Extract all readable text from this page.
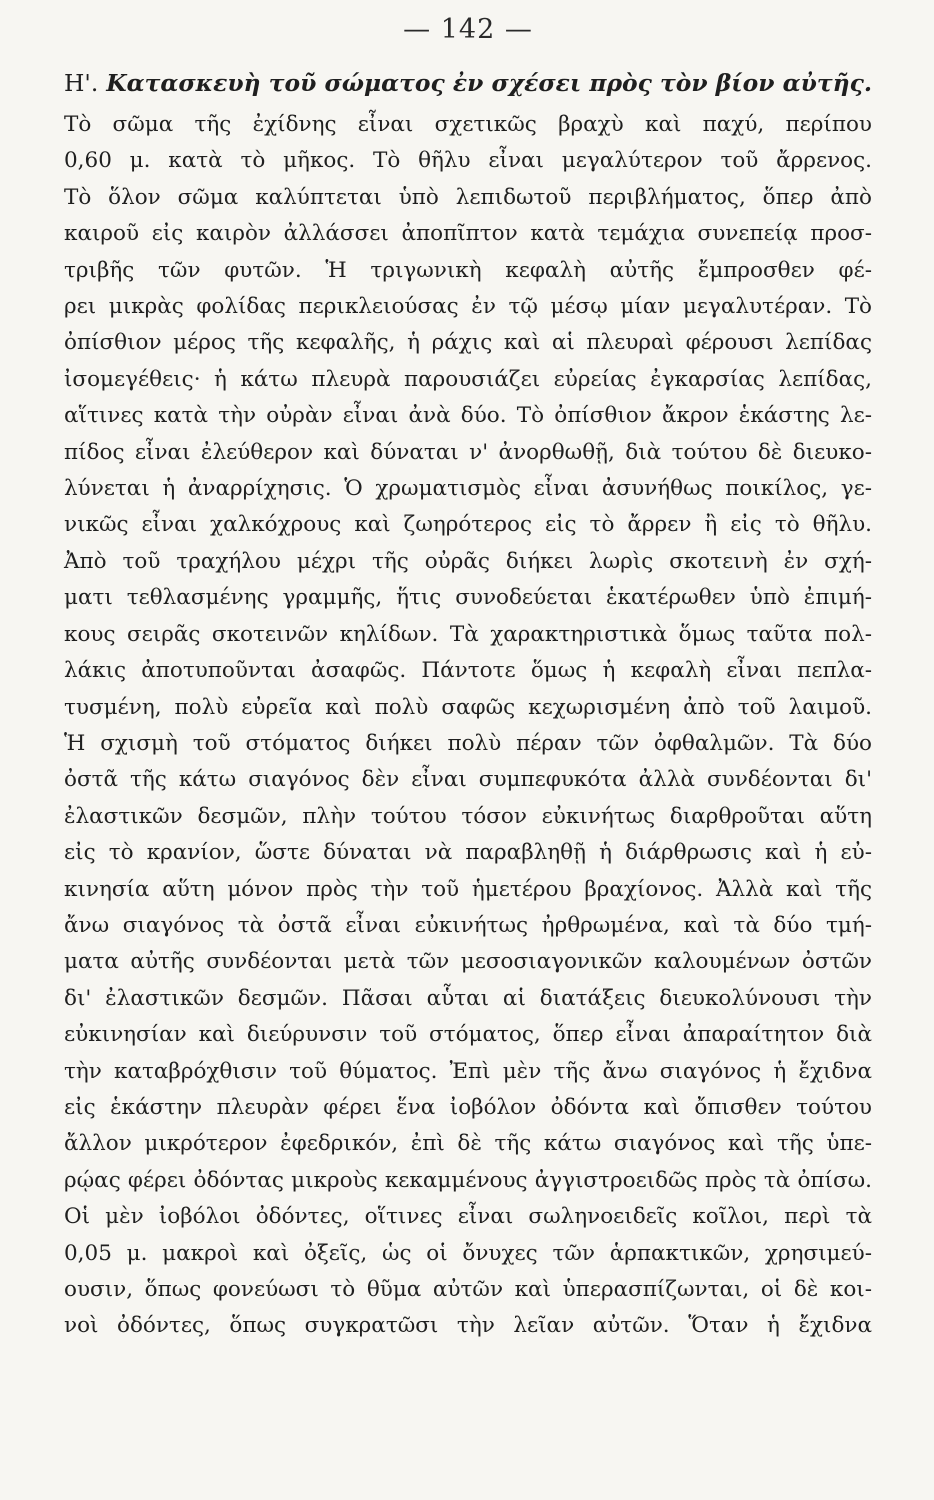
— 142 —
H'. Κατασκευὴ τοῦ σώματος ἐν σχέσει πρὸς τὸν βίον αὐτῆς.
Τὸ σῶμα τῆς ἐχίδνης εἶναι σχετικῶς βραχὺ καὶ παχύ, περίπου
0,60 μ. κατὰ τὸ μῆκος. Τὸ θῆλυ εἶναι μεγαλύτερον τοῦ ἄρρενος.
Τὸ ὅλον σῶμα καλύπτεται ὑπὸ λεπιδωτοῦ περιβλήματος, ὅπερ ἀπὸ
καιροῦ εἰς καιρὸν ἀλλάσσει ἀποπῖπτον κατὰ τεμάχια συνεπείᾳ προσ-
τριβῆς τῶν φυτῶν. Ἡ τριγωνικὴ κεφαλὴ αὐτῆς ἔμπροσθεν φέ-
ρει μικρὰς φολίδας περικλειούσας ἐν τῷ μέσῳ μίαν μεγαλυτέραν. Τὸ
ὀπίσθιον μέρος τῆς κεφαλῆς, ἡ ράχις καὶ αἱ πλευραὶ φέρουσι λεπίδας
ἰσομεγέθεις· ἡ κάτω πλευρὰ παρουσιάζει εὐρείας ἐγκαρσίας λεπίδας,
αἵτινες κατὰ τὴν οὐρὰν εἶναι ἀνὰ δύο. Τὸ ὀπίσθιον ἄκρον ἑκάστης λε-
πίδος εἶναι ἐλεύθερον καὶ δύναται ν' ἀνορθωθῇ, διὰ τούτου δὲ διευκο-
λύνεται ἡ ἀναρρίχησις. Ὁ χρωματισμὸς εἶναι ἀσυνήθως ποικίλος, γε-
νικῶς εἶναι χαλκόχρους καὶ ζωηρότερος εἰς τὸ ἄρρεν ἢ εἰς τὸ θῆλυ.
Ἀπὸ τοῦ τραχήλου μέχρι τῆς οὐρᾶς διήκει λωρὶς σκοτεινὴ ἐν σχή-
ματι τεθλασμένης γραμμῆς, ἥτις συνοδεύεται ἑκατέρωθεν ὑπὸ ἐπιμή-
κους σειρᾶς σκοτεινῶν κηλίδων. Τὰ χαρακτηριστικὰ ὅμως ταῦτα πολ-
λάκις ἀποτυποῦνται ἀσαφῶς. Πάντοτε ὅμως ἡ κεφαλὴ εἶναι πεπλα-
τυσμένη, πολὺ εὐρεῖα καὶ πολὺ σαφῶς κεχωρισμένη ἀπὸ τοῦ λαιμοῦ.
Ἡ σχισμὴ τοῦ στόματος διήκει πολὺ πέραν τῶν ὀφθαλμῶν. Τὰ δύο
ὀστᾶ τῆς κάτω σιαγόνος δὲν εἶναι συμπεφυκότα ἀλλὰ συνδέονται δι'
ἐλαστικῶν δεσμῶν, πλὴν τούτου τόσον εὐκινήτως διαρθροῦται αὕτη
εἰς τὸ κρανίον, ὥστε δύναται νὰ παραβληθῇ ἡ διάρθρωσις καὶ ἡ εὐ-
κινησία αὕτη μόνον πρὸς τὴν τοῦ ἡμετέρου βραχίονος. Ἀλλὰ καὶ τῆς
ἄνω σιαγόνος τὰ ὀστᾶ εἶναι εὐκινήτως ἠρθρωμένα, καὶ τὰ δύο τμή-
ματα αὐτῆς συνδέονται μετὰ τῶν μεσοσιαγονικῶν καλουμένων ὀστῶν
δι' ἐλαστικῶν δεσμῶν. Πᾶσαι αὗται αἱ διατάξεις διευκολύνουσι τὴν
εὐκινησίαν καὶ διεύρυνσιν τοῦ στόματος, ὅπερ εἶναι ἀπαραίτητον διὰ
τὴν καταβρόχθισιν τοῦ θύματος. Ἐπὶ μὲν τῆς ἄνω σιαγόνος ἡ ἔχιδνα
εἰς ἑκάστην πλευρὰν φέρει ἕνα ἰοβόλον ὀδόντα καὶ ὄπισθεν τούτου
ἄλλον μικρότερον ἐφεδρικόν, ἐπὶ δὲ τῆς κάτω σιαγόνος καὶ τῆς ὑπε-
ρῴας φέρει ὀδόντας μικροὺς κεκαμμένους ἀγγιστροειδῶς πρὸς τὰ ὀπίσω.
Οἱ μὲν ἰοβόλοι ὀδόντες, οἵτινες εἶναι σωληνοειδεῖς κοῖλοι, περὶ τὰ
0,05 μ. μακροὶ καὶ ὀξεῖς, ὡς οἱ ὄνυχες τῶν ἁρπακτικῶν, χρησιμεύ-
ουσιν, ὅπως φονεύωσι τὸ θῦμα αὐτῶν καὶ ὑπερασπίζωνται, οἱ δὲ κοι-
νοὶ ὀδόντες, ὅπως συγκρατῶσι τὴν λεῖαν αὐτῶν. Ὅταν ἡ ἔχιδνα
